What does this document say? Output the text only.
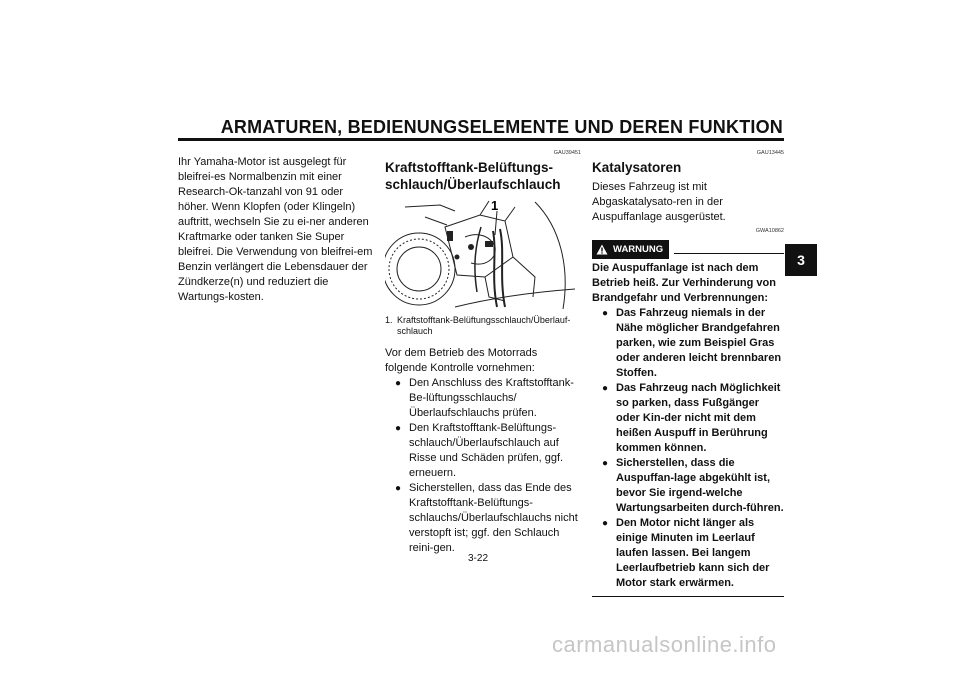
ARMATUREN, BEDIENUNGSELEMENTE UND DEREN FUNKTION
3

Ihr Yamaha-Motor ist ausgelegt für bleifrei-es Normalbenzin mit einer Research-Ok-tanzahl von 91 oder höher. Wenn Klopfen (oder Klingeln) auftritt, wechseln Sie zu ei-ner anderen Kraftmarke oder tanken Sie Super bleifrei. Die Verwendung von bleifrei-em Benzin verlängert die Lebensdauer der Zündkerze(n) und reduziert die Wartungs-kosten.

GAU39451
Kraftstofftank-Belüftungs-schlauch/Überlaufschlauch
1
1. Kraftstofftank-Belüftungsschlauch/Überlauf-schlauch

Vor dem Betrieb des Motorrads folgende Kontrolle vornehmen:

● Den Anschluss des Kraftstofftank-Be-lüftungsschlauchs/Überlaufschlauchs prüfen.
● Den Kraftstofftank-Belüftungs-schlauch/Überlaufschlauch auf Risse und Schäden prüfen, ggf. erneuern.
● Sicherstellen, dass das Ende des Kraftstofftank-Belüftungs-schlauchs/Überlaufschlauchs nicht verstopft ist; ggf. den Schlauch reini-gen.
GAU13445
Katalysatoren

Dieses Fahrzeug ist mit Abgaskatalysato-ren in der Auspuffanlage ausgerüstet.

GWA10862
WARNUNG

Die Auspuffanlage ist nach dem Betrieb heiß. Zur Verhinderung von Brandgefahr und Verbrennungen:

● Das Fahrzeug niemals in der Nähe möglicher Brandgefahren parken, wie zum Beispiel Gras oder anderen leicht brennbaren Stoffen.
● Das Fahrzeug nach Möglichkeit so parken, dass Fußgänger oder Kin-der nicht mit dem heißen Auspuff in Berührung kommen können.
● Sicherstellen, dass die Auspuffan-lage abgekühlt ist, bevor Sie irgend-welche Wartungsarbeiten durch-führen.
● Den Motor nicht länger als einige Minuten im Leerlauf laufen lassen. Bei langem Leerlaufbetrieb kann sich der Motor stark erwärmen.
3-22
carmanualsonline.info
